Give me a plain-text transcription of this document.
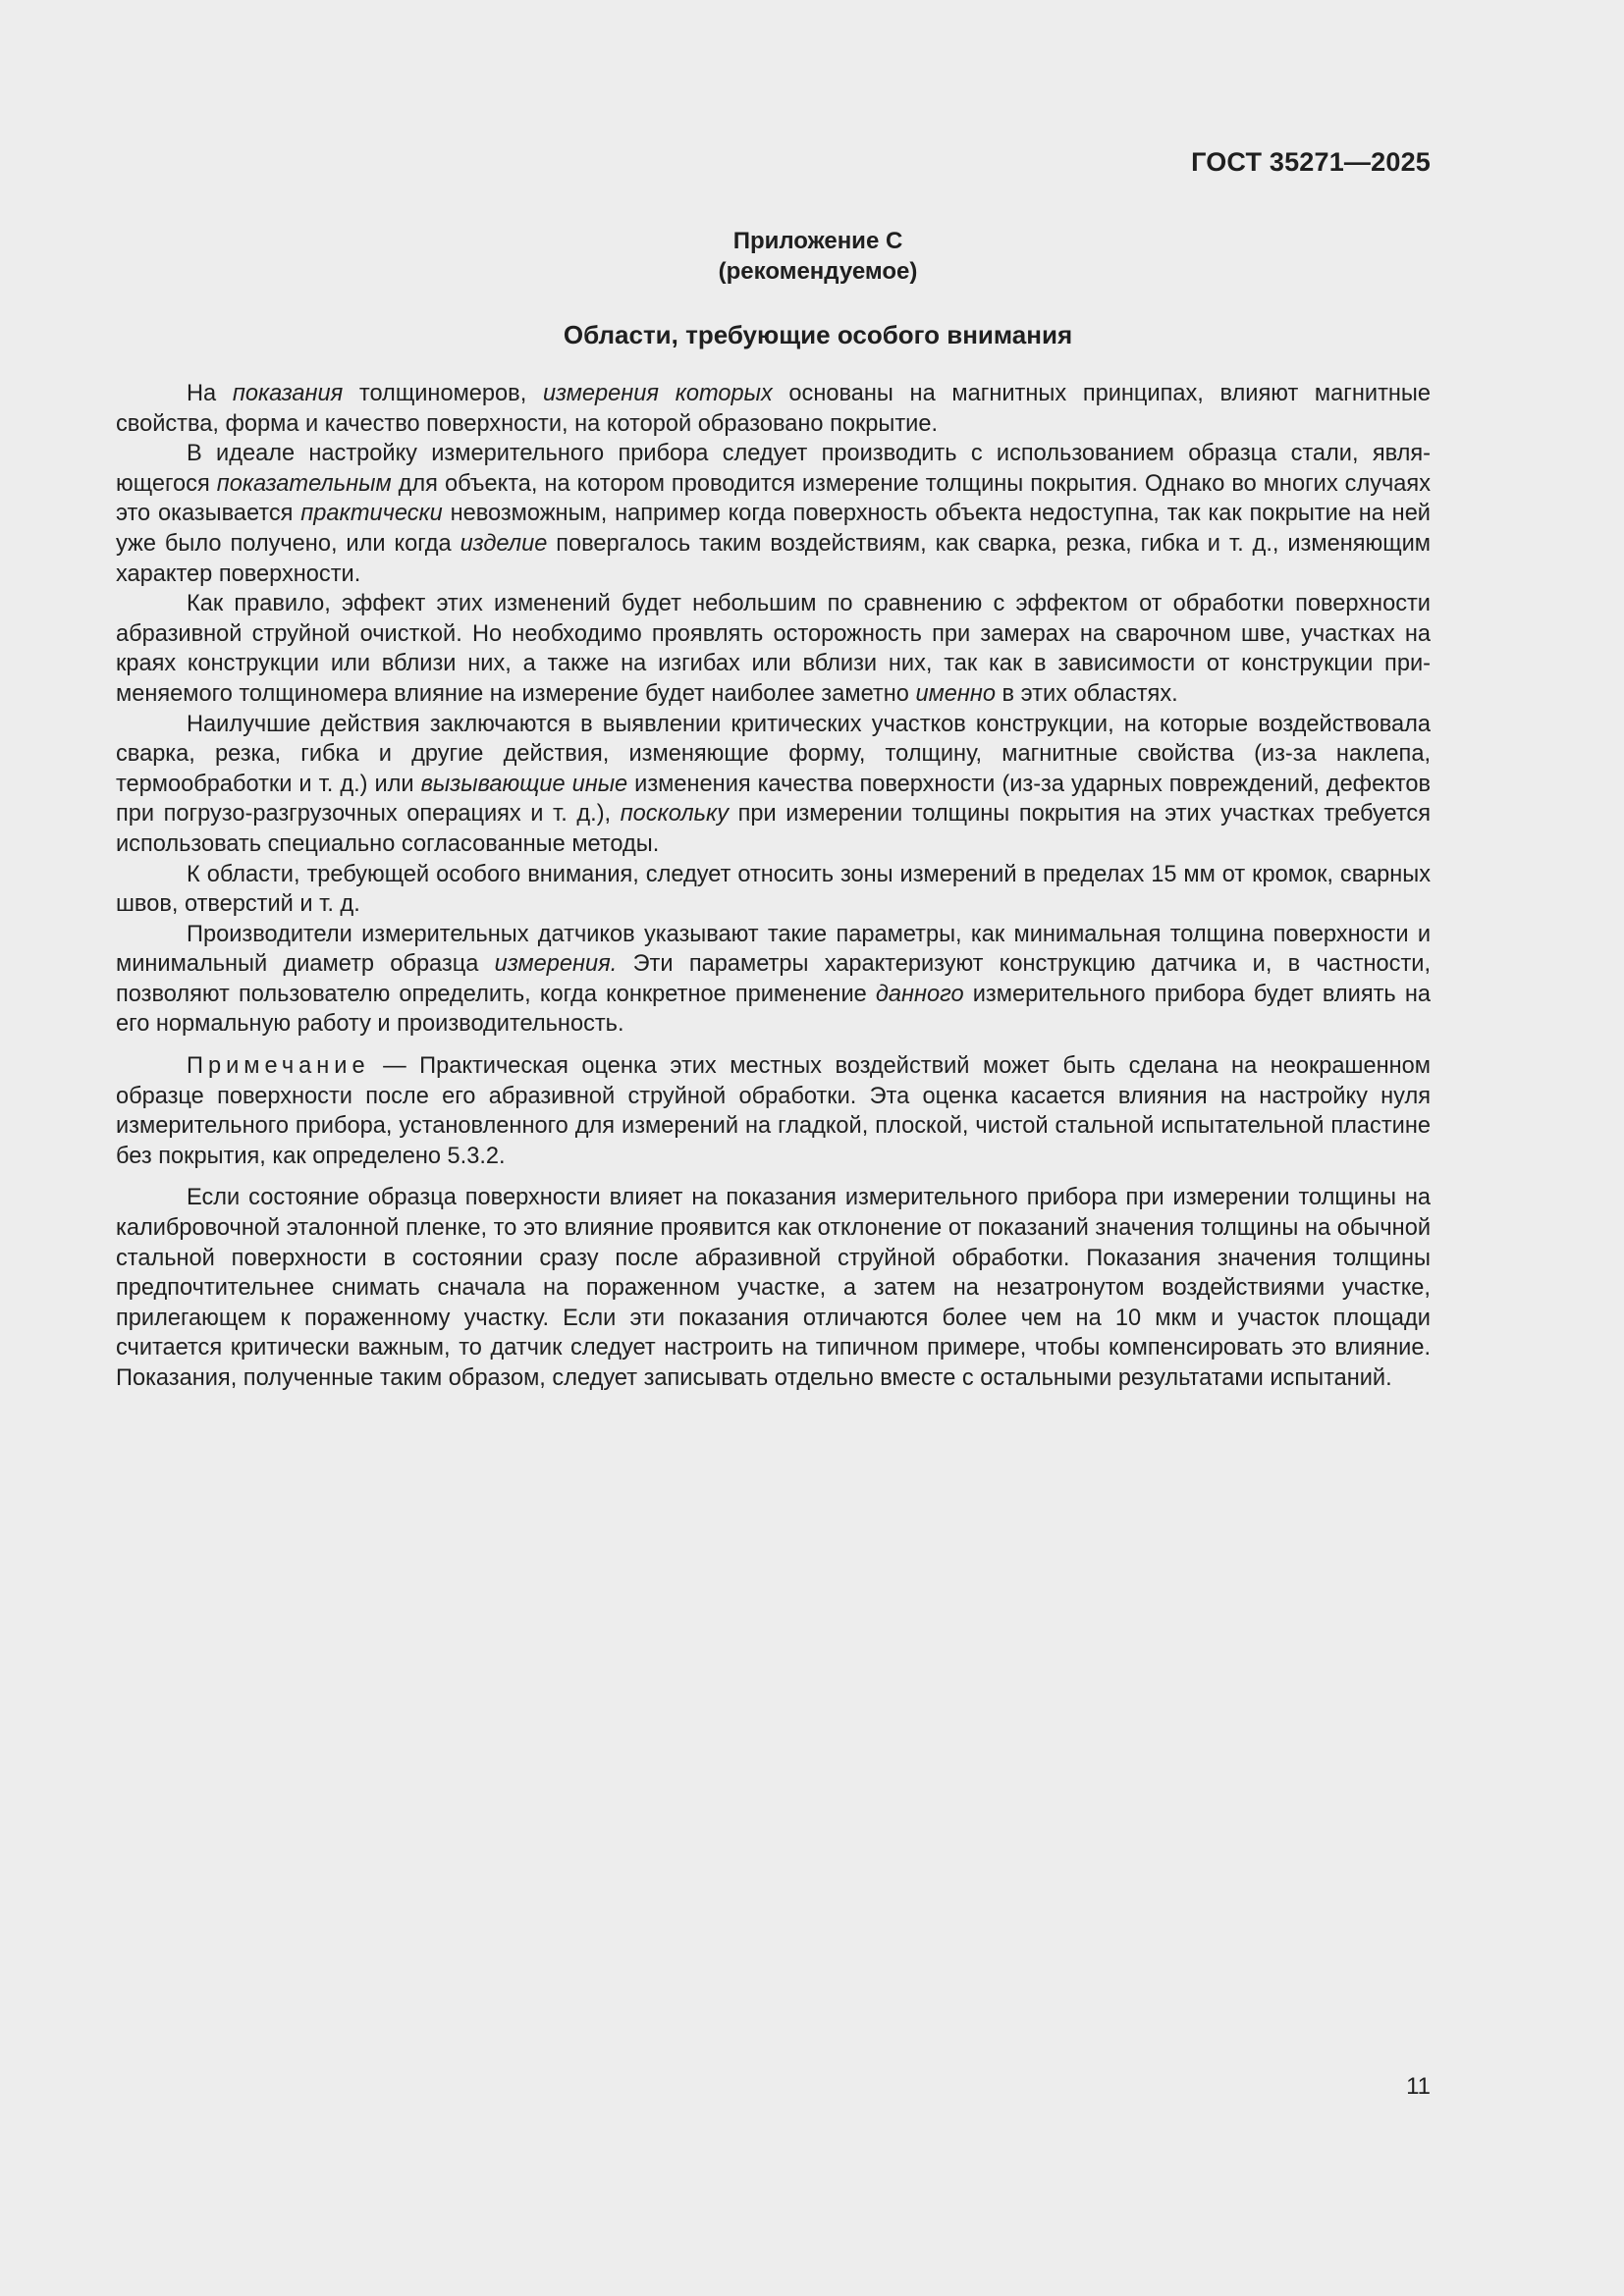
ГОСТ 35271—2025
Приложение С
(рекомендуемое)
Области, требующие особого внимания

На показания толщиномеров, измерения которых основаны на магнитных принципах, влияют магнитные свойства, форма и качество поверхности, на которой образовано покрытие.

В идеале настройку измерительного прибора следует производить с использованием образца стали, являющегося показательным для объекта, на котором проводится измерение толщины покрытия. Однако во многих случаях это оказывается практически невозможным, например когда поверхность объекта недоступна, так как покрытие на ней уже было получено, или когда изделие повергалось таким воздействиям, как сварка, резка, гибка и т. д., изменяющим характер поверхности.

Как правило, эффект этих изменений будет небольшим по сравнению с эффектом от обработки поверхности абразивной струйной очисткой. Но необходимо проявлять осторожность при замерах на сварочном шве, участках на краях конструкции или вблизи них, а также на изгибах или вблизи них, так как в зависимости от конструкции применяемого толщиномера влияние на измерение будет наиболее заметно именно в этих областях.

Наилучшие действия заключаются в выявлении критических участков конструкции, на которые воздействовала сварка, резка, гибка и другие действия, изменяющие форму, толщину, магнитные свойства (из-за наклепа, термообработки и т. д.) или вызывающие иные изменения качества поверхности (из-за ударных повреждений, дефектов при погрузо-разгрузочных операциях и т. д.), поскольку при измерении толщины покрытия на этих участках требуется использовать специально согласованные методы.

К области, требующей особого внимания, следует относить зоны измерений в пределах 15 мм от кромок, сварных швов, отверстий и т. д.

Производители измерительных датчиков указывают такие параметры, как минимальная толщина поверхности и минимальный диаметр образца измерения. Эти параметры характеризуют конструкцию датчика и, в частности, позволяют пользователю определить, когда конкретное применение данного измерительного прибора будет влиять на его нормальную работу и производительность.

Примечание — Практическая оценка этих местных воздействий может быть сделана на неокрашенном образце поверхности после его абразивной струйной обработки. Эта оценка касается влияния на настройку нуля измерительного прибора, установленного для измерений на гладкой, плоской, чистой стальной испытательной пластине без покрытия, как определено 5.3.2.

Если состояние образца поверхности влияет на показания измерительного прибора при измерении толщины на калибровочной эталонной пленке, то это влияние проявится как отклонение от показаний значения толщины на обычной стальной поверхности в состоянии сразу после абразивной струйной обработки. Показания значения толщины предпочтительнее снимать сначала на пораженном участке, а затем на незатронутом воздействиями участке, прилегающем к пораженному участку. Если эти показания отличаются более чем на 10 мкм и участок площади считается критически важным, то датчик следует настроить на типичном примере, чтобы компенсировать это влияние. Показания, полученные таким образом, следует записывать отдельно вместе с остальными результатами испытаний.

11
